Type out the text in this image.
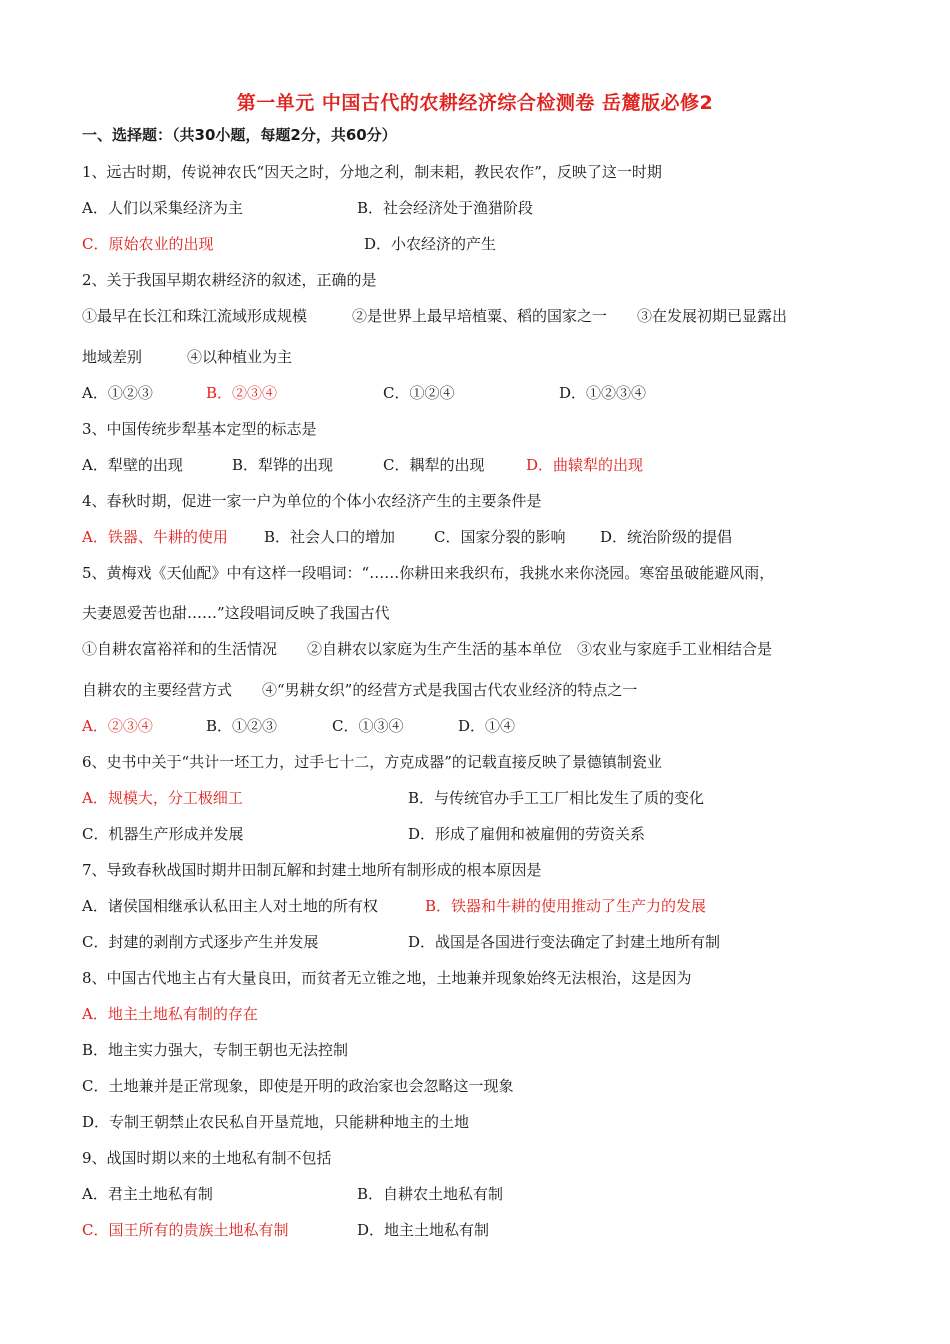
第一单元 中国古代的农耕经济综合检测卷 岳麓版必修2
一、选择题：（共30小题，每题2分，共60分）
1、远古时期，传说神农氏“因天之时，分地之利，制耒耜，教民农作”，反映了这一时期
A．人们以采集经济为主	B．社会经济处于渔猎阶段
C．原始农业的出现	D．小农经济的产生
2、关于我国早期农耕经济的叙述，正确的是
①最早在长江和珠江流域形成规模　　　②是世界上最早培植粟、稻的国家之一　　③在发展初期已显露出
地域差别　　　④以种植业为主
A．①②③	B．②③④	C．①②④	D．①②③④
3、中国传统步犁基本定型的标志是
A．犁壁的出现	B．犁铧的出现	C．耦犁的出现	D．曲辕犁的出现
4、春秋时期，促进一家一户为单位的个体小农经济产生的主要条件是
A．铁器、牛耕的使用 B．社会人口的增加	C．国家分裂的影响 D．统治阶级的提倡
5、黄梅戏《天仙配》中有这样一段唱词：“……你耕田来我织布，我挑水来你浇园。寒窑虽破能避风雨，
夫妻恩爱苦也甜……”这段唱词反映了我国古代
①自耕农富裕祥和的生活情况　　②自耕农以家庭为生产生活的基本单位　③农业与家庭手工业相结合是
自耕农的主要经营方式　　④“男耕女织”的经营方式是我国古代农业经济的特点之一
A．②③④	B．①②③	C．①③④	D．①④
6、史书中关于“共计一坯工力，过手七十二，方克成器”的记载直接反映了景德镇制瓷业
A．规模大，分工极细工	B．与传统官办手工工厂相比发生了质的变化
C．机器生产形成并发展	D．形成了雇佣和被雇佣的劳资关系
7、导致春秋战国时期井田制瓦解和封建土地所有制形成的根本原因是
A．诸侯国相继承认私田主人对土地的所有权	B．铁器和牛耕的使用推动了生产力的发展
C．封建的剥削方式逐步产生并发展	D．战国是各国进行变法确定了封建土地所有制
8、中国古代地主占有大量良田，而贫者无立锥之地，土地兼并现象始终无法根治，这是因为
A．地主土地私有制的存在
B．地主实力强大，专制王朝也无法控制
C．土地兼并是正常现象，即使是开明的政治家也会忽略这一现象
D．专制王朝禁止农民私自开垦荒地，只能耕种地主的土地
9、战国时期以来的土地私有制不包括
A．君主土地私有制	B．自耕农土地私有制
C．国王所有的贵族土地私有制	D．地主土地私有制
